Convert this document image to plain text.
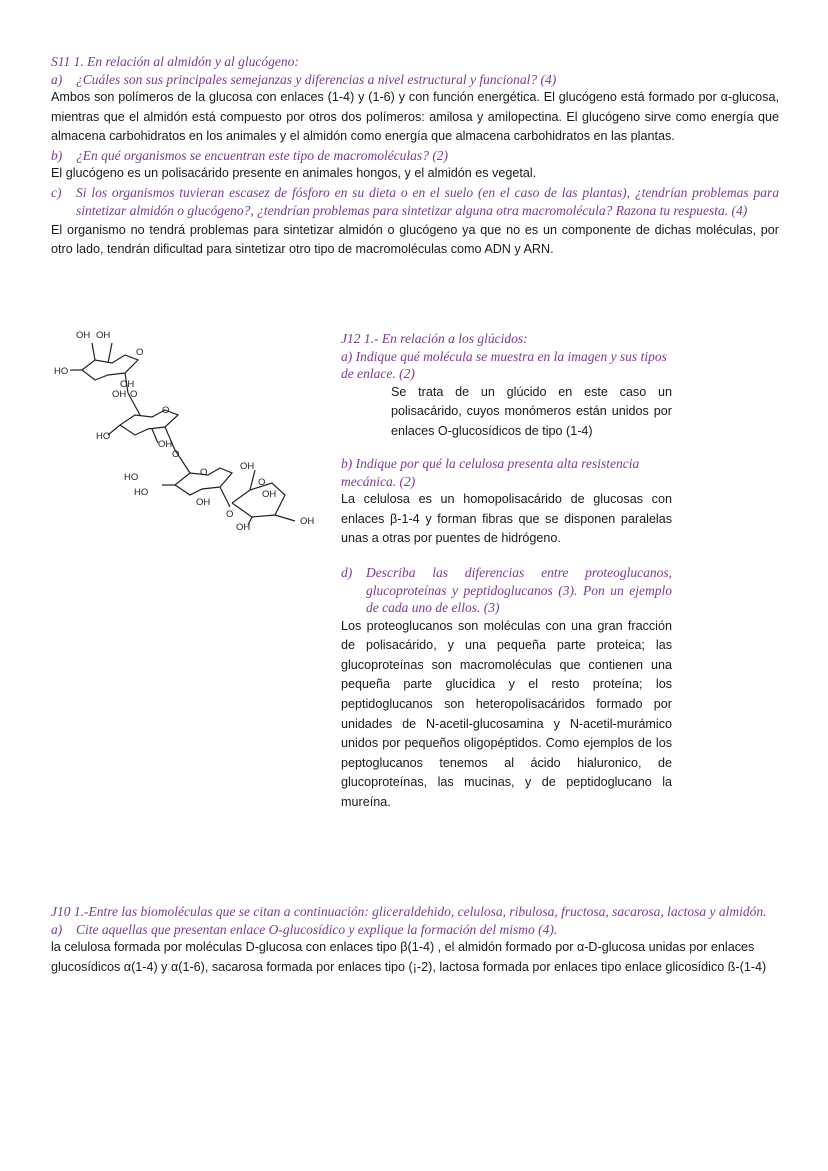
S11 1. En relación al almidón y al glucógeno:

a) ¿Cuáles son sus principales semejanzas y diferencias a nivel estructural y funcional? (4)

Ambos son polímeros de la glucosa con enlaces (1-4) y (1-6) y con función energética. El glucógeno está formado por α-glucosa, mientras que el almidón está compuesto por otros dos polímeros: amilosa y amilopectina. El glucógeno sirve como energía que almacena carbohidratos en los animales y el almidón como energía que almacena carbohidratos en las plantas.

b) ¿En qué organismos se encuentran este tipo de macromoléculas? (2)

El glucógeno es un polisacárido presente en animales hongos, y el almidón es vegetal.

c) Si los organismos tuvieran escasez de fósforo en su dieta o en el suelo (en el caso de las plantas), ¿tendrían problemas para sintetizar almidón o glucógeno?, ¿tendrían problemas para sintetizar alguna otra macromolécula? Razona tu respuesta. (4)

El organismo no tendrá problemas para sintetizar almidón o glucógeno ya que no es un componente de dichas moléculas, por otro lado, tendrán dificultad para sintetizar otro tipo de macromoléculas como ADN y ARN.

OH OH
O
HO
OH
OH O
O
HO
OH
O
OH
HO	O
HO
OH
O
O
OH
OH
OH

J12 1.- En relación a los glúcidos:

a) Indique qué molécula se muestra en la imagen y sus tipos de enlace. (2)

Se trata de un glúcido en este caso un polisacárido, cuyos monómeros están unidos por enlaces O-glucosídicos de tipo (1-4)

b) Indique por qué la celulosa presenta alta resistencia mecánica. (2)

La celulosa es un homopolisacárido de glucosas con enlaces β-1-4 y forman fibras que se disponen paralelas unas a otras por puentes de hidrógeno.

d) Describa las diferencias entre proteoglucanos, glucoproteínas y peptidoglucanos (3). Pon un ejemplo de cada uno de ellos. (3)

Los proteoglucanos son moléculas con una gran fracción de polisacárido, y una pequeña parte proteica; las glucoproteínas son macromoléculas que contienen una pequeña parte glucídica y el resto proteína; los peptidoglucanos son heteropolisacáridos formado por unidades de N-acetil-glucosamina y N-acetil-murámico unidos por pequeños oligopéptidos. Como ejemplos de los peptoglucanos tenemos al ácido hialuronico, de glucoproteínas, las mucinas, y de peptidoglucano la mureína.

J10 1.-Entre las biomoléculas que se citan a continuación: gliceraldehido, celulosa, ribulosa, fructosa, sacarosa, lactosa y almidón.

a) Cite aquellas que presentan enlace O-glucosídico y explique la formación del mismo (4).

la celulosa formada por moléculas D-glucosa con enlaces tipo β(1-4) , el almidón formado por α-D-glucosa unidas por enlaces glucosídicos α(1-4) y α(1-6), sacarosa formada por enlaces tipo (¡-2), lactosa formada por enlaces tipo enlace glicosídico ß-(1-4)
